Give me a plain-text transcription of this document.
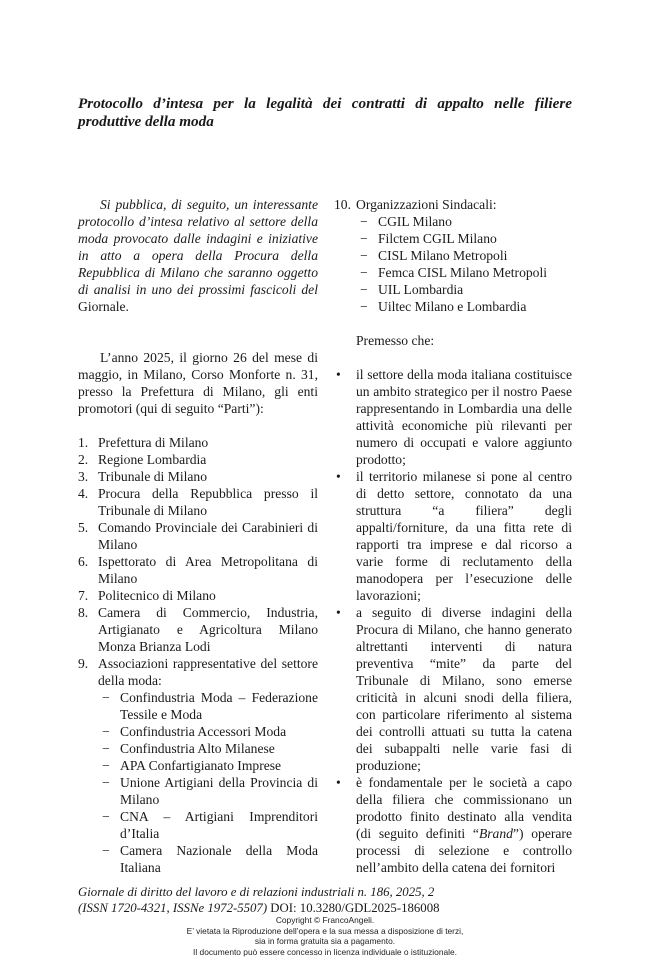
Protocollo d’intesa per la legalità dei contratti di appalto nelle filiere produttive della moda

Si pubblica, di seguito, un interessante protocollo d’intesa relativo al settore della moda provocato dalle indagini e iniziative in atto a opera della Procura della Repubblica di Milano che saranno oggetto di analisi in uno dei prossimi fascicoli del Giornale.

L’anno 2025, il giorno 26 del mese di maggio, in Milano, Corso Monforte n. 31, presso la Prefettura di Milano, gli enti promotori (qui di seguito “Parti”):

1. Prefettura di Milano
2. Regione Lombardia
3. Tribunale di Milano
4. Procura della Repubblica presso il Tribunale di Milano
5. Comando Provinciale dei Carabinieri di Milano
6. Ispettorato di Area Metropolitana di Milano
7. Politecnico di Milano
8. Camera di Commercio, Industria, Artigianato e Agricoltura Milano Monza Brianza Lodi
9. Associazioni rappresentative del settore della moda:
− Confindustria Moda – Federazione Tessile e Moda
− Confindustria Accessori Moda
− Confindustria Alto Milanese
− APA Confartigianato Imprese
− Unione Artigiani della Provincia di Milano
− CNA – Artigiani Imprenditori d’Italia
− Camera Nazionale della Moda Italiana
10. Organizzazioni Sindacali:
− CGIL Milano
− Filctem CGIL Milano
− CISL Milano Metropoli
− Femca CISL Milano Metropoli
− UIL Lombardia
− Uiltec Milano e Lombardia

Premesso che:

• il settore della moda italiana costituisce un ambito strategico per il nostro Paese rappresentando in Lombardia una delle attività economiche più rilevanti per numero di occupati e valore aggiunto prodotto;
• il territorio milanese si pone al centro di detto settore, connotato da una struttura “a filiera” degli appalti/forniture, da una fitta rete di rapporti tra imprese e dal ricorso a varie forme di reclutamento della manodopera per l’esecuzione delle lavorazioni;
• a seguito di diverse indagini della Procura di Milano, che hanno generato altrettanti interventi di natura preventiva “mite” da parte del Tribunale di Milano, sono emerse criticità in alcuni snodi della filiera, con particolare riferimento al sistema dei controlli attuati su tutta la catena dei subappalti nelle varie fasi di produzione;
• è fondamentale per le società a capo della filiera che commissionano un prodotto finito destinato alla vendita (di seguito definiti “Brand”) operare processi di selezione e controllo nell’ambito della catena dei fornitori
Giornale di diritto del lavoro e di relazioni industriali n. 186, 2025, 2
(ISSN 1720-4321, ISSNe 1972-5507) DOI: 10.3280/GDL2025-186008
Copyright © FrancoAngeli.
E’ vietata la Riproduzione dell’opera e la sua messa a disposizione di terzi,
sia in forma gratuita sia a pagamento.
Il documento può essere concesso in licenza individuale o istituzionale.
